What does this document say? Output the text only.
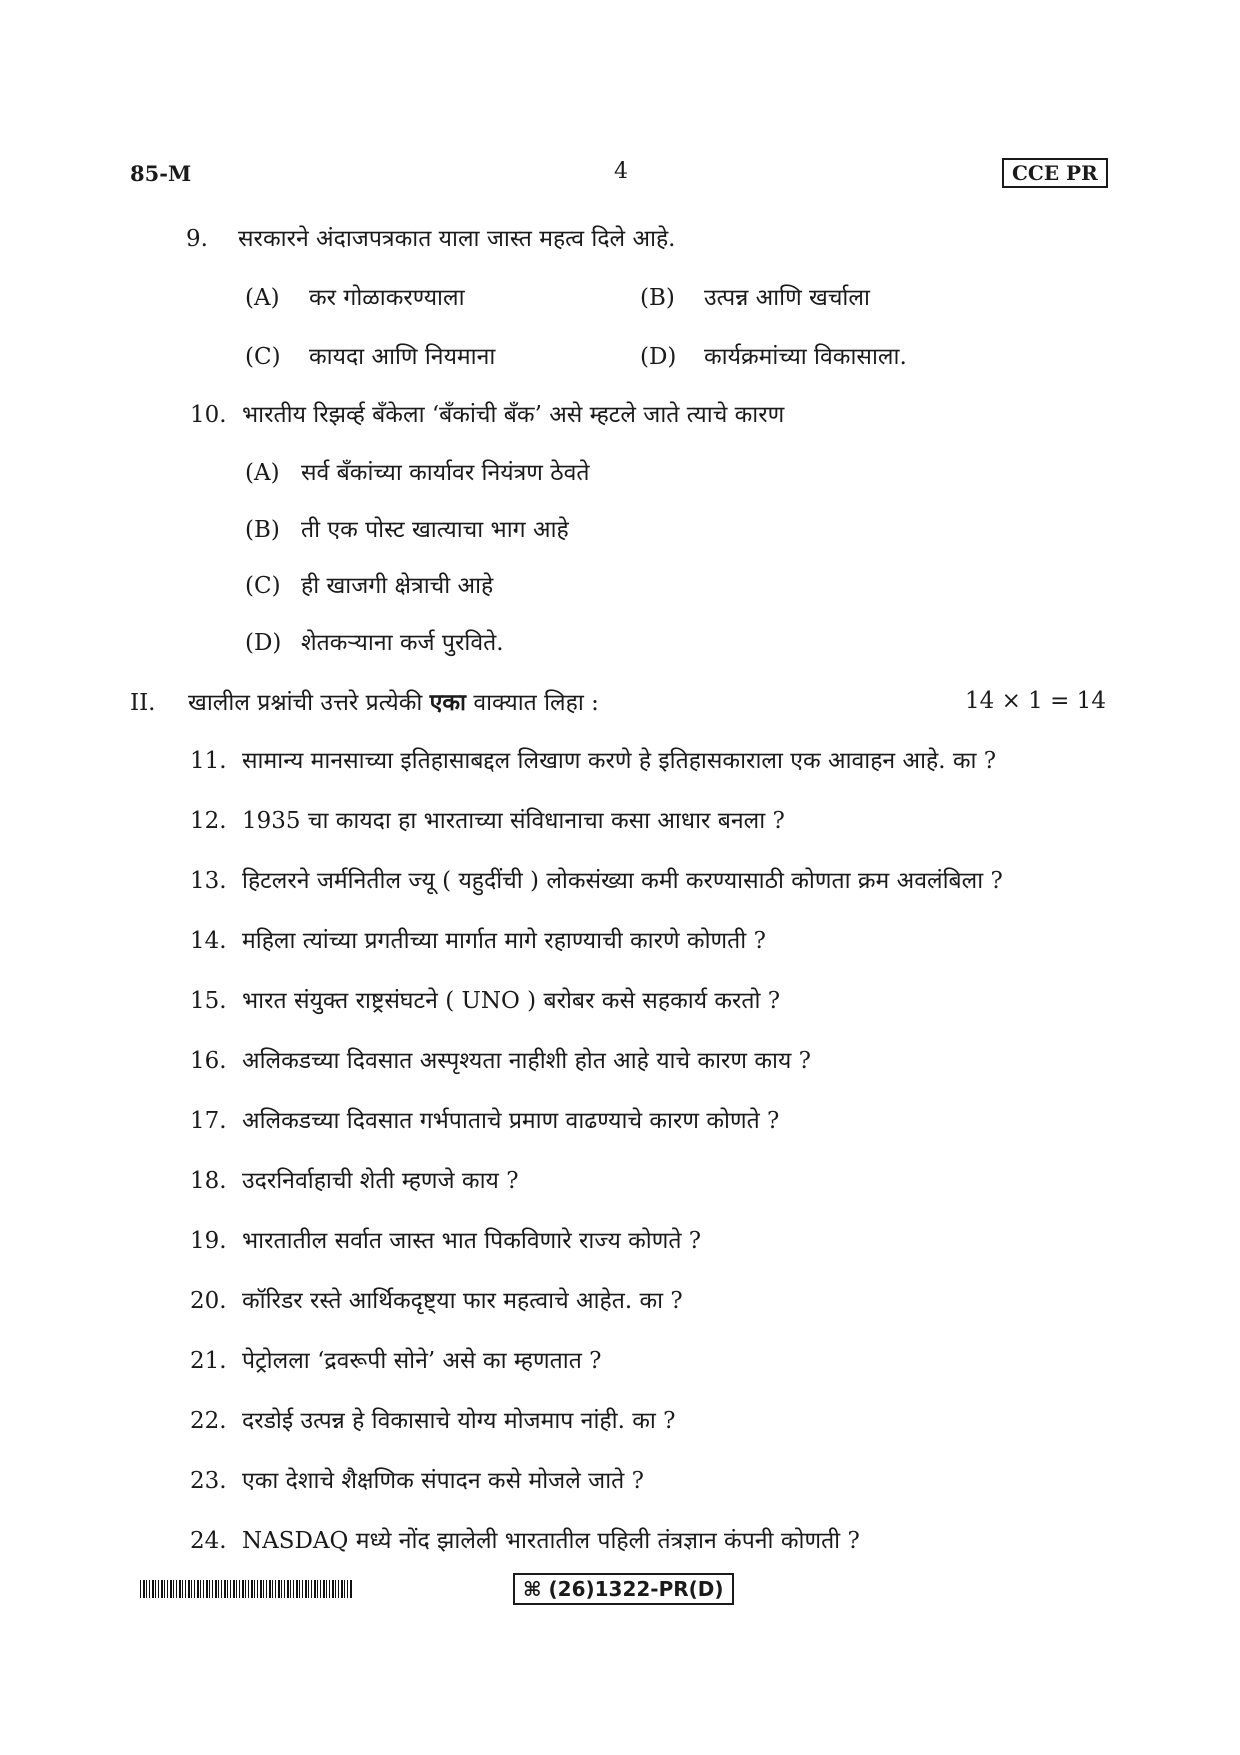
85-M	4	CCE PR
9. सरकारने अंदाजपत्रकात याला जास्त महत्व दिले आहे.
(A) कर गोळाकरण्याला	(B) उत्पन्न आणि खर्चाला
(C) कायदा आणि नियमाना	(D) कार्यक्रमांच्या विकासाला.
10. भारतीय रिझर्व्ह बँकेला ‘बँकांची बँक’ असे म्हटले जाते त्याचे कारण
(A) सर्व बँकांच्या कार्यावर नियंत्रण ठेवते
(B) ती एक पोस्ट खात्याचा भाग आहे
(C) ही खाजगी क्षेत्राची आहे
(D) शेतकऱ्याना कर्ज पुरविते.
II. खालील प्रश्नांची उत्तरे प्रत्येकी एका वाक्यात लिहा :	14 × 1 = 14
11. सामान्य मानसाच्या इतिहासाबद्दल लिखाण करणे हे इतिहासकाराला एक आवाहन आहे. का ?
12. 1935 चा कायदा हा भारताच्या संविधानाचा कसा आधार बनला ?
13. हिटलरने जर्मनितील ज्यू ( यहुदींची ) लोकसंख्या कमी करण्यासाठी कोणता क्रम अवलंबिला ?
14. महिला त्यांच्या प्रगतीच्या मार्गात मागे रहाण्याची कारणे कोणती ?
15. भारत संयुक्त राष्ट्रसंघटने ( UNO ) बरोबर कसे सहकार्य करतो ?
16. अलिकडच्या दिवसात अस्पृश्यता नाहीशी होत आहे याचे कारण काय ?
17. अलिकडच्या दिवसात गर्भपाताचे प्रमाण वाढण्याचे कारण कोणते ?
18. उदरनिर्वाहाची शेती म्हणजे काय ?
19. भारतातील सर्वात जास्त भात पिकविणारे राज्य कोणते ?
20. कॉरिडर रस्ते आर्थिकदृष्ट्या फार महत्वाचे आहेत. का ?
21. पेट्रोलला ‘द्रवरूपी सोने’ असे का म्हणतात ?
22. दरडोई उत्पन्न हे विकासाचे योग्य मोजमाप नांही. का ?
23. एका देशाचे शैक्षणिक संपादन कसे मोजले जाते ?
24. NASDAQ मध्ये नोंद झालेली भारतातील पहिली तंत्रज्ञान कंपनी कोणती ?
⌘ (26)1322-PR(D)
